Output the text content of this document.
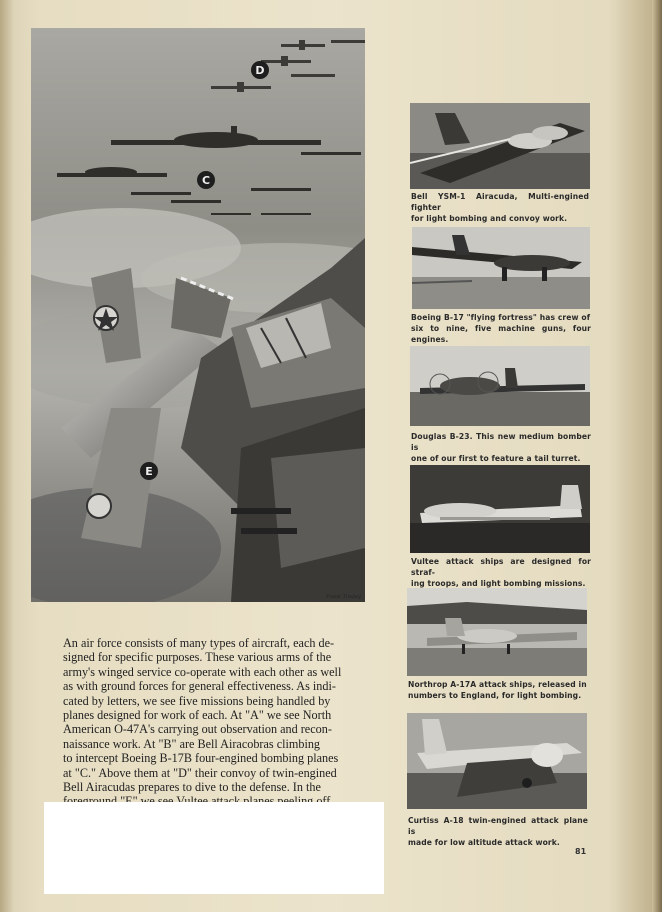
D
C
E
Frank Tinsley
An air force consists of many types of aircraft, each de-
signed for specific purposes. These various arms of the
army's winged service co-operate with each other as well
as with ground forces for general effectiveness. As indi-
cated by letters, we see five missions being handled by
planes designed for work of each. At "A" we see North
American O-47A's carrying out observation and recon-
naissance work. At "B" are Bell Airacobras climbing
to intercept Boeing B-17B four-engined bombing planes
at "C." Above them at "D" their convoy of twin-engined
Bell Airacudas prepares to dive to the defense. In the

Bell YSM-1 Airacuda, Multi-engined fighter
for light bombing and convoy work.
Boeing B-17 "flying fortress" has crew of
six to nine, five machine guns, four engines.
Douglas B-23. This new medium bomber is
one of our first to feature a tail turret.
Vultee attack ships are designed for straf-
ing troops, and light bombing missions.
Northrop A-17A attack ships, released in
numbers to England, for light bombing.
Curtiss A-18 twin-engined attack plane is
made for low altitude attack work.
81
